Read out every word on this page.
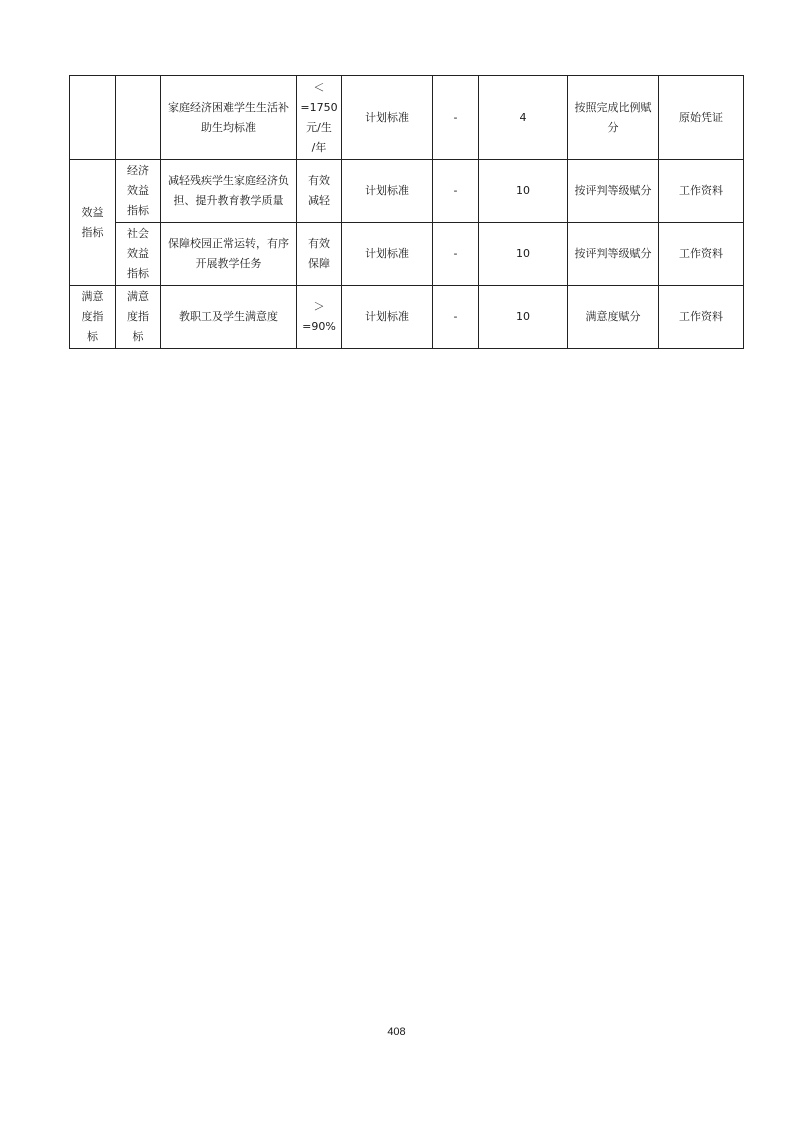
		家庭经济困难学生生活补助生均标准	＜
=1750
元/生
/年	计划标准	-	4	按照完成比例赋分	原始凭证
效益
指标	经济
效益
指标	减轻残疾学生家庭经济负担、提升教育教学质量	有效
减轻	计划标准	-	10	按评判等级赋分	工作资料
	社会
效益
指标	保障校园正常运转，有序开展教学任务	有效
保障	计划标准	-	10	按评判等级赋分	工作资料
满意
度指
标	满意
度指
标	教职工及学生满意度	＞
=90%	计划标准	-	10	满意度赋分	工作资料
408
